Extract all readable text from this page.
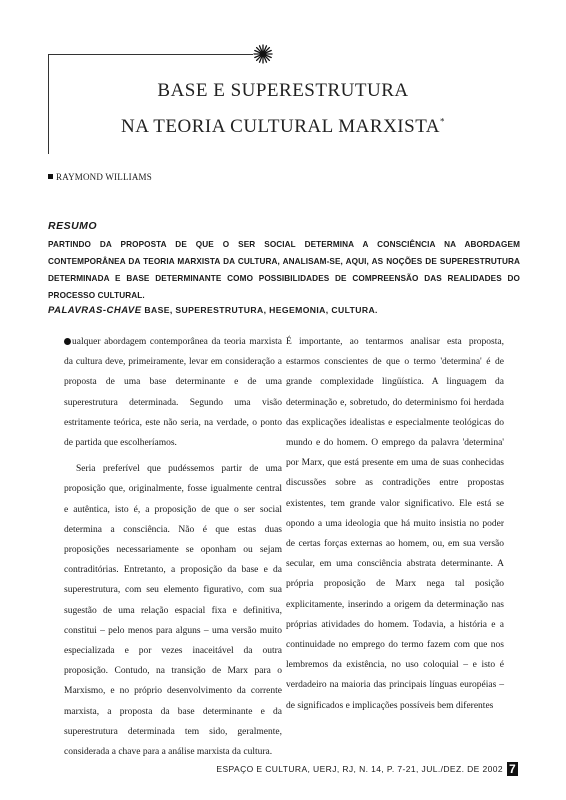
BASE E SUPERESTRUTURA
NA TEORIA CULTURAL MARXISTA*
RAYMOND WILLIAMS
RESUMO
PARTINDO DA PROPOSTA DE QUE O SER SOCIAL DETERMINA A CONSCIÊNCIA NA ABORDAGEM CONTEMPORÂNEA DA TEORIA MARXISTA DA CULTURA, ANALISAM-SE, AQUI, AS NOÇÕES DE SUPERESTRUTURA DETERMINADA E BASE DETERMINANTE COMO POSSIBILIDADES DE COMPREENSÃO DAS REALIDADES DO PROCESSO CULTURAL.
PALAVRAS-CHAVE BASE, SUPERESTRUTURA, HEGEMONIA, CULTURA.

ualquer abordagem contemporânea da teoria marxista da cultura deve, primeiramente, levar em consideração a proposta de uma base determinante e de uma superestrutura determinada. Segundo uma visão estritamente teórica, este não seria, na verdade, o ponto de partida que escolheríamos.

Seria preferível que pudéssemos partir de uma proposição que, originalmente, fosse igualmente central e autêntica, isto é, a proposição de que o ser social determina a consciência. Não é que estas duas proposições necessariamente se oponham ou sejam contraditórias. Entretanto, a proposição da base e da superestrutura, com seu elemento figurativo, com sua sugestão de uma relação espacial fixa e definitiva, constitui – pelo menos para alguns – uma versão muito especializada e por vezes inaceitável da outra proposição. Contudo, na transição de Marx para o Marxismo, e no próprio desenvolvimento da corrente marxista, a proposta da base determinante e da superestrutura determinada tem sido, geralmente, considerada a chave para a análise marxista da cultura.

É importante, ao tentarmos analisar esta proposta, estarmos conscientes de que o termo 'determina' é de grande complexidade lingüística. A linguagem da determinação e, sobretudo, do determinismo foi herdada das explicações idealistas e especialmente teológicas do mundo e do homem. O emprego da palavra 'determina' por Marx, que está presente em uma de suas conhecidas discussões sobre as contradições entre propostas existentes, tem grande valor significativo. Ele está se opondo a uma ideologia que há muito insistia no poder de certas forças externas ao homem, ou, em sua versão secular, em uma consciência abstrata determinante. A própria proposição de Marx nega tal posição explicitamente, inserindo a origem da determinação nas próprias atividades do homem. Todavia, a história e a continuidade no emprego do termo fazem com que nos lembremos da existência, no uso coloquial – e isto é verdadeiro na maioria das principais línguas européias – de significados e implicações possíveis bem diferentes

ESPAÇO E CULTURA, UERJ, RJ, N. 14, P. 7-21, JUL./DEZ. DE 2002 7
